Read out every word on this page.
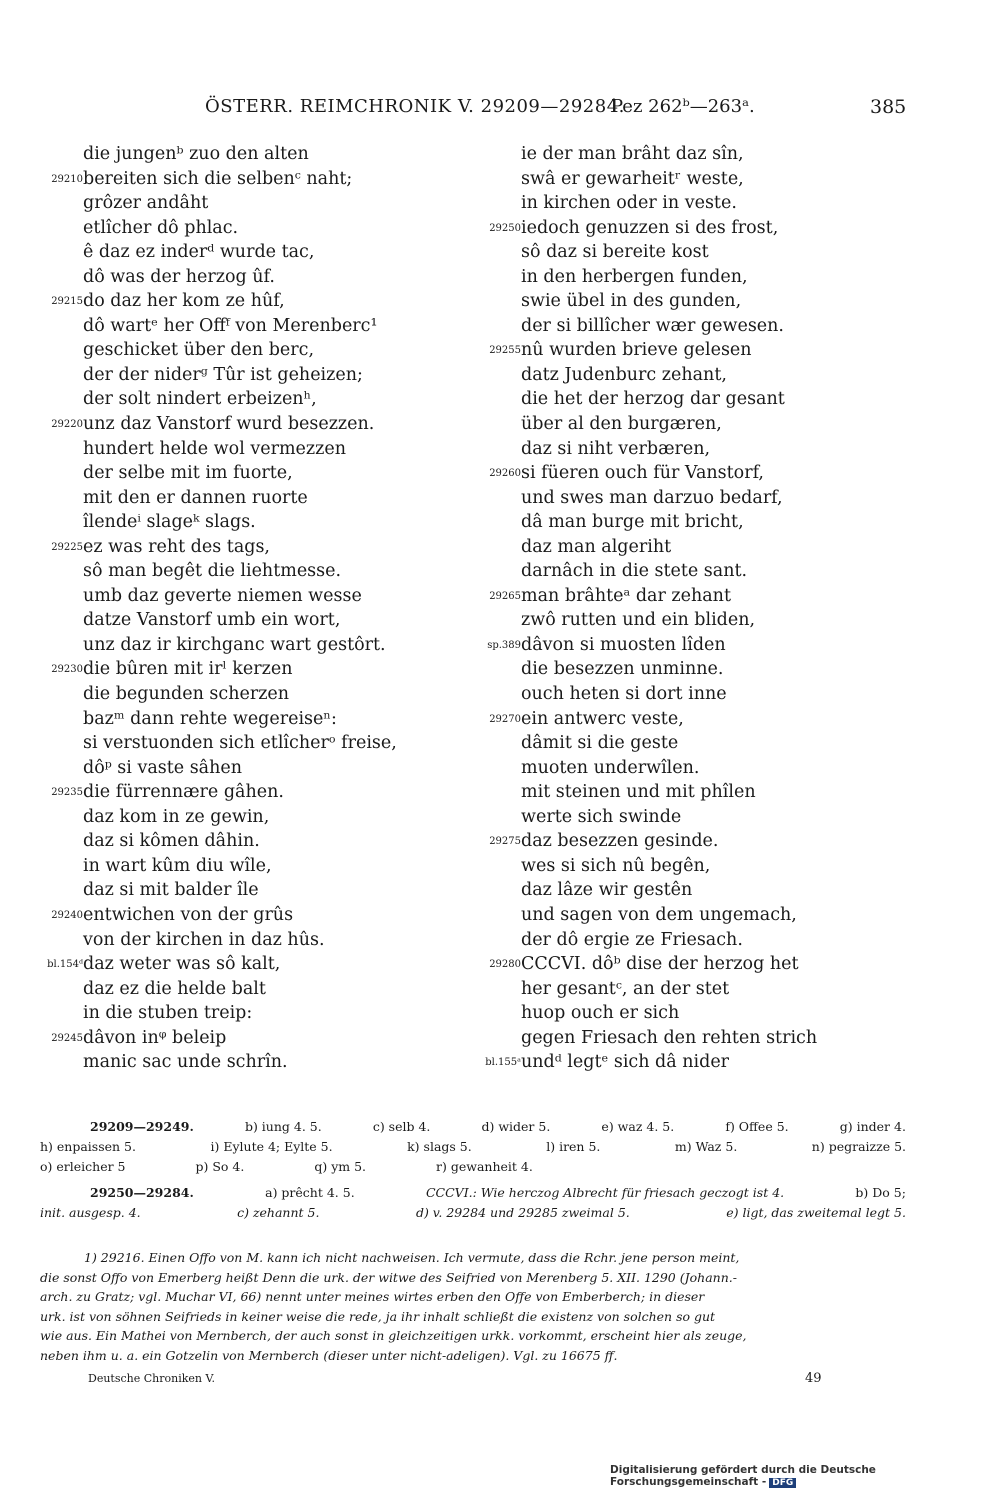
ÖSTERR. REIMCHRONIK V. 29209—29284.
Pez 262ᵇ—263ᵃ.	385
die jungenᵇ zuo den alten
29210 bereiten sich die selbenᶜ naht;
grôzer andâht
etlîcher dô phlac.
ê daz ez inderᵈ wurde tac,
dô was der herzog ûf.
29215 do daz her kom ze hûf,
dô wartᵉ her Offᶠ von Merenberc¹
geschicket über den berc,
der der niderᵍ Tûr ist geheizen;
der solt nindert erbeizenʰ,
29220 unz daz Vanstorf wurd besezzen.
hundert helde wol vermezzen
der selbe mit im fuorte,
mit den er dannen ruorte
îlendeⁱ slageᵏ slags.
29225 ez was reht des tags,
sô man begêt die liehtmesse.
umb daz geverte niemen wesse
datze Vanstorf umb ein wort,
unz daz ir kirchganc wart gestôrt.
29230 die bûren mit irˡ kerzen
die begunden scherzen
bazᵐ dann rehte wegereiseⁿ:
si verstuonden sich etlîcherᵒ freise,
dôᵖ si vaste sâhen
29235 die fürrennære gâhen.
daz kom in ze gewin,
daz si kômen dâhin.
in wart kûm diu wîle,
daz si mit balder île
29240 entwichen von der grûs
von der kirchen in daz hûs.
bl.154ᵈ daz weter was sô kalt,
daz ez die helde balt
in die stuben treip:
29245 dâvon inᵠ beleip
manic sac unde schrîn.
ie der man brâht daz sîn,
swâ er gewarheitʳ weste,
in kirchen oder in veste.
29250 iedoch genuzzen si des frost,
sô daz si bereite kost
in den herbergen funden,
swie übel in des gunden,
der si billîcher wær gewesen.
29255 nû wurden brieve gelesen
datz Judenburc zehant,
die het der herzog dar gesant
über al den burgæren,
daz si niht verbæren,
29260 si füeren ouch für Vanstorf,
und swes man darzuo bedarf,
dâ man burge mit bricht,
daz man algeriht
darnâch in die stete sant.
29265 man brâhteᵃ dar zehant
zwô rutten und ein bliden,
sp.389 dâvon si muosten lîden
die besezzen unminne.
ouch heten si dort inne
29270 ein antwerc veste,
dâmit si die geste
muoten underwîlen.
mit steinen und mit phîlen
werte sich swinde
29275 daz besezzen gesinde.
wes si sich nû begên,
daz lâze wir gestên
und sagen von dem ungemach,
der dô ergie ze Friesach.
29280 CCCVI. dôᵇ dise der herzog het
her gesantᶜ, an der stet
huop ouch er sich
gegen Friesach den rehten strich
bl.155ᵃ undᵈ legtᵉ sich dâ nider
29209—29249.	b) iung 4. 5.	c) selb 4.	d) wider 5.	e) waz 4. 5.	f) Offee 5.	g) inder 4.
h) enpaissen 5.	i) Eylute 4; Eylte 5.	k) slags 5.	l) iren 5.	m) Waz 5.	n) pegraizze 5.
o) erleicher 5	p) So 4.	q) ym 5.	r) gewanheit 4.
29250—29284.	a) prêcht 4. 5.	CCCVI.: Wie herczog Albrecht für friesach geczogt ist 4.	b) Do 5;
init. ausgesp. 4.	c) zehannt 5.	d) v. 29284 und 29285 zweimal 5.	e) ligt, das zweitemal legt 5.

1) 29216. Einen Offo von M. kann ich nicht nachweisen. Ich vermute, dass die Rchr. jene person meint,

die sonst Offo von Emerberg heißt Denn die urk. der witwe des Seifried von Merenberg 5. XII. 1290 (Johann.-

arch. zu Gratz; vgl. Muchar VI, 66) nennt unter meines wirtes erben den Offe von Emberberch; in dieser

urk. ist von söhnen Seifrieds in keiner weise die rede, ja ihr inhalt schließt die existenz von solchen so gut

wie aus. Ein Mathei von Mernberch, der auch sonst in gleichzeitigen urkk. vorkommt, erscheint hier als zeuge,

neben ihm u. a. ein Gotzelin von Mernberch (dieser unter nicht-adeligen). Vgl. zu 16675 ff.

Deutsche Chroniken V.	49
Digitalisierung gefördert durch die Deutsche Forschungsgemeinschaft - DFG
